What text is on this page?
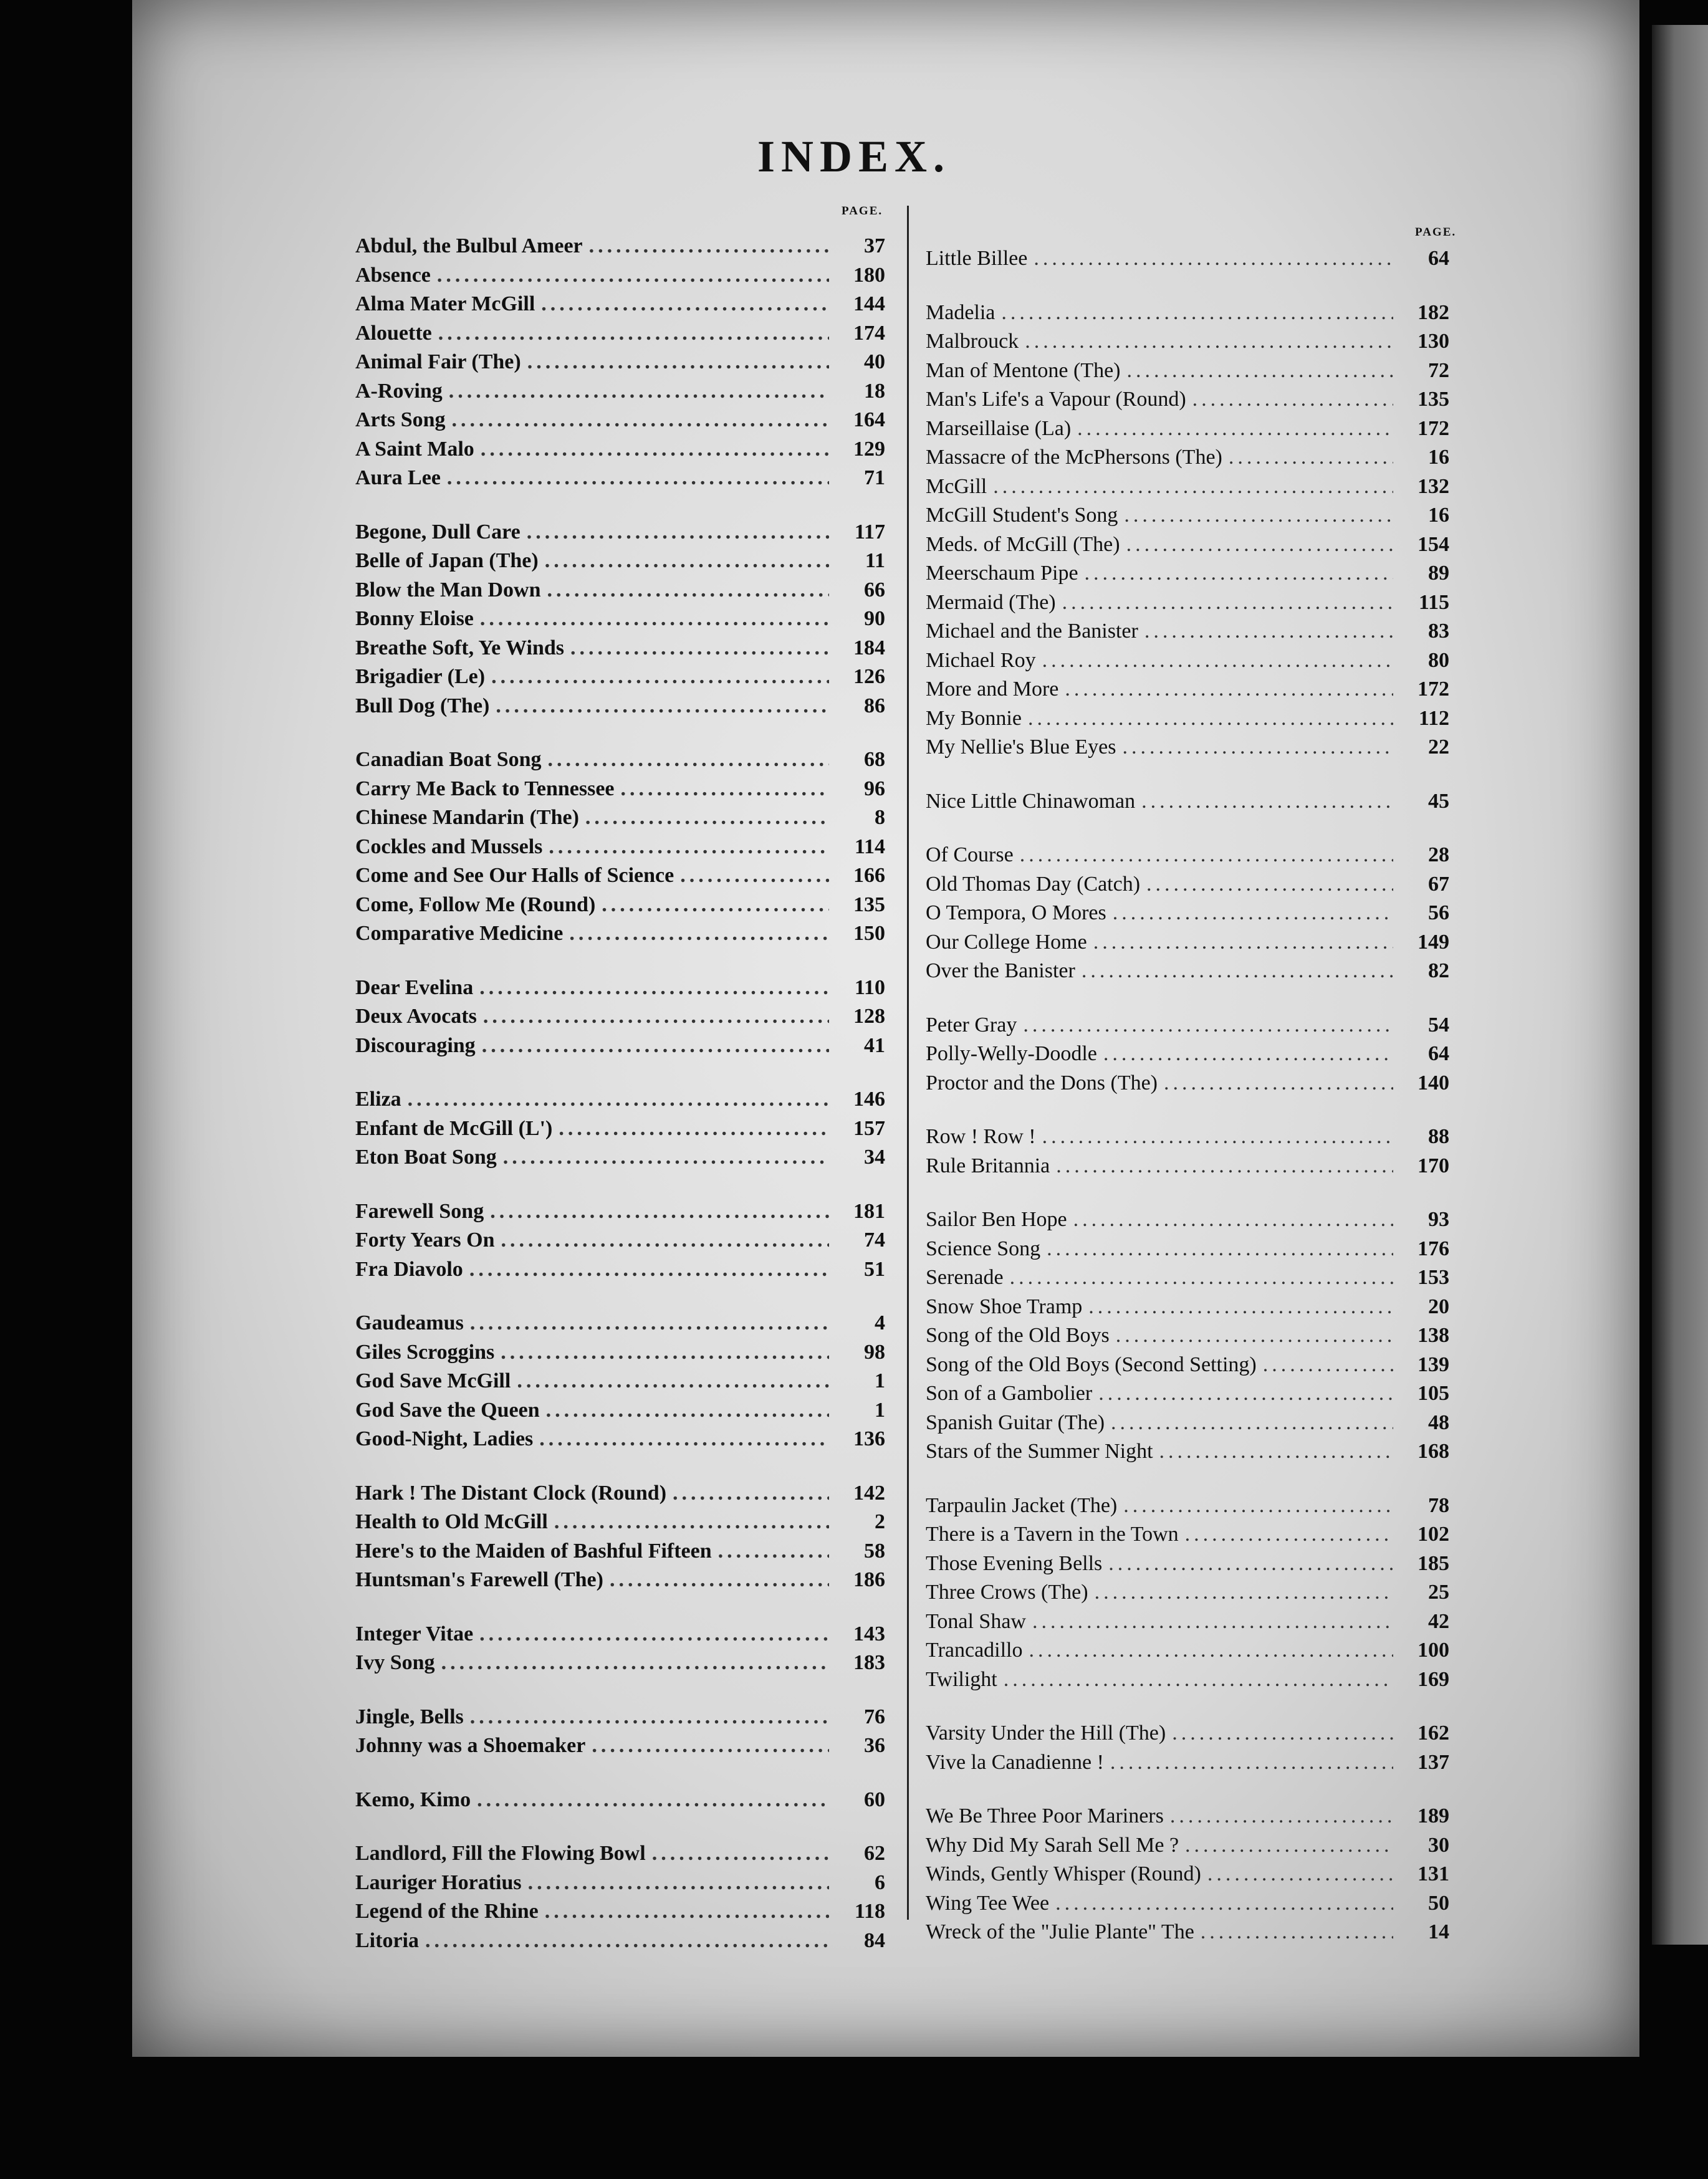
INDEX.
PAGE.
PAGE.
Abdul, the Bulbul Ameer .....	37
Absence .....	180
Alma Mater McGill .....	144
Alouette .....	174
Animal Fair (The) .....	40
A-Roving .....	18
Arts Song .....	164
A Saint Malo .....	129
Aura Lee .....	71
Begone, Dull Care .....	117
Belle of Japan (The) .....	11
Blow the Man Down .....	66
Bonny Eloise .....	90
Breathe Soft, Ye Winds .....	184
Brigadier (Le) .....	126
Bull Dog (The) .....	86
Canadian Boat Song .....	68
Carry Me Back to Tennessee .....	96
Chinese Mandarin (The) .....	8
Cockles and Mussels .....	114
Come and See Our Halls of Science .....	166
Come, Follow Me (Round) .....	135
Comparative Medicine .....	150
Dear Evelina .....	110
Deux Avocats .....	128
Discouraging .....	41
Eliza .....	146
Enfant de McGill (L') .....	157
Eton Boat Song .....	34
Farewell Song .....	181
Forty Years On .....	74
Fra Diavolo .....	51
Gaudeamus .....	4
Giles Scroggins .....	98
God Save McGill .....	1
God Save the Queen .....	1
Good-Night, Ladies .....	136
Hark ! The Distant Clock (Round) .....	142
Health to Old McGill .....	2
Here's to the Maiden of Bashful Fifteen .....	58
Huntsman's Farewell (The) .....	186
Integer Vitae .....	143
Ivy Song .....	183
Jingle, Bells .....	76
Johnny was a Shoemaker .....	36
Kemo, Kimo .....	60
Landlord, Fill the Flowing Bowl .....	62
Lauriger Horatius .....	6
Legend of the Rhine .....	118
Litoria .....	84
Little Billee .....	64
Madelia .....	182
Malbrouck .....	130
Man of Mentone (The) .....	72
Man's Life's a Vapour (Round) .....	135
Marseillaise (La) .....	172
Massacre of the McPhersons (The) .....	16
McGill .....	132
McGill Student's Song .....	16
Meds. of McGill (The) .....	154
Meerschaum Pipe .....	89
Mermaid (The) .....	115
Michael and the Banister .....	83
Michael Roy .....	80
More and More .....	172
My Bonnie .....	112
My Nellie's Blue Eyes .....	22
Nice Little Chinawoman .....	45
Of Course .....	28
Old Thomas Day (Catch) .....	67
O Tempora, O Mores .....	56
Our College Home .....	149
Over the Banister .....	82
Peter Gray .....	54
Polly-Welly-Doodle .....	64
Proctor and the Dons (The) .....	140
Row ! Row ! .....	88
Rule Britannia .....	170
Sailor Ben Hope .....	93
Science Song .....	176
Serenade .....	153
Snow Shoe Tramp .....	20
Song of the Old Boys .....	138
Song of the Old Boys (Second Setting) .....	139
Son of a Gambolier .....	105
Spanish Guitar (The) .....	48
Stars of the Summer Night .....	168
Tarpaulin Jacket (The) .....	78
There is a Tavern in the Town .....	102
Those Evening Bells .....	185
Three Crows (The) .....	25
Tonal Shaw .....	42
Trancadillo .....	100
Twilight .....	169
Varsity Under the Hill (The) .....	162
Vive la Canadienne ! .....	137
We Be Three Poor Mariners .....	189
Why Did My Sarah Sell Me ? .....	30
Winds, Gently Whisper (Round) .....	131
Wing Tee Wee .....	50
Wreck of the "Julie Plante" The .....	14
